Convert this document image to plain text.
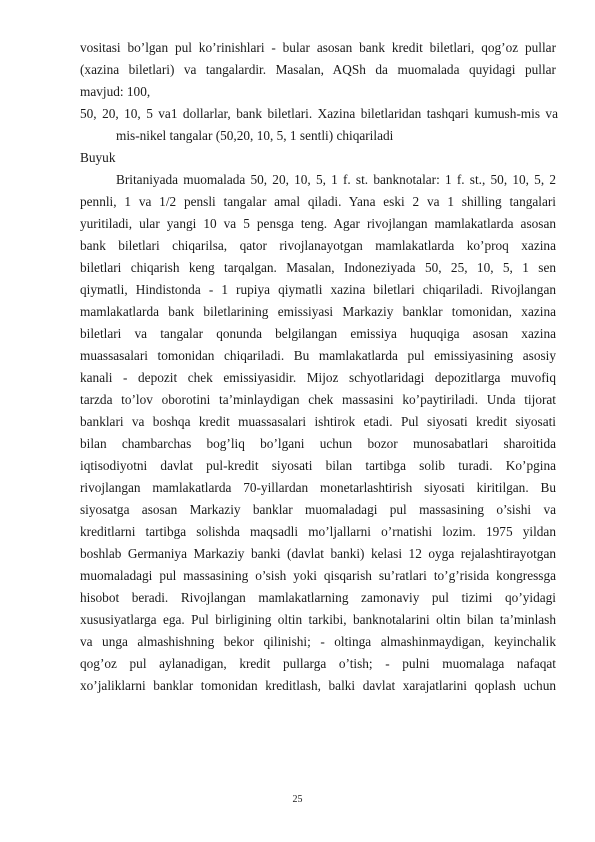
vositasi bo’lgan pul ko’rinishlari - bular asosan bank kredit biletlari, qog’oz pullar
(xazina biletlari) va tangalardir. Masalan, AQSh da muomalada quyidagi pullar
mavjud: 100,
50, 20, 10, 5 va1 dollarlar, bank biletlari. Xazina biletlaridan tashqari kumush-mis va
mis-nikel tangalar (50,20, 10, 5, 1 sentli) chiqariladi
Buyuk
Britaniyada muomalada 50, 20, 10, 5, 1 f. st. banknotalar: 1 f. st., 50, 10, 5, 2
pennli, 1 va 1/2 pensli tangalar amal qiladi. Yana eski 2 va 1 shilling tangalari
yuritiladi, ular yangi 10 va 5 pensga teng. Agar rivojlangan mamlakatlarda asosan
bank biletlari chiqarilsa, qator rivojlanayotgan mamlakatlarda ko’proq xazina
biletlari chiqarish keng tarqalgan. Masalan, Indoneziyada 50, 25, 10, 5, 1 sen
qiymatli, Hindistonda - 1 rupiya qiymatli xazina biletlari chiqariladi. Rivojlangan
mamlakatlarda bank biletlarining emissiyasi Markaziy banklar tomonidan, xazina
biletlari va tangalar qonunda belgilangan emissiya huquqiga asosan xazina
muassasalari tomonidan chiqariladi. Bu mamlakatlarda pul emissiyasining asosiy
kanali - depozit chek emissiyasidir. Mijoz schyotlaridagi depozitlarga muvofiq
tarzda to’lov oborotini ta’minlaydigan chek massasini ko’paytiriladi. Unda tijorat
banklari va boshqa kredit muassasalari ishtirok etadi. Pul siyosati kredit siyosati
bilan chambarchas bog’liq bo’lgani uchun bozor munosabatlari sharoitida
iqtisodiyotni davlat pul-kredit siyosati bilan tartibga solib turadi. Ko’pgina
rivojlangan mamlakatlarda 70-yillardan monetarlashtirish siyosati kiritilgan. Bu
siyosatga asosan Markaziy banklar muomaladagi pul massasining o’sishi va
kreditlarni tartibga solishda maqsadli mo’ljallarni o’rnatishi lozim. 1975 yildan
boshlab Germaniya Markaziy banki (davlat banki) kelasi 12 oyga rejalashtirayotgan
muomaladagi pul massasining o’sish yoki qisqarish su’ratlari to’g’risida kongressga
hisobot beradi. Rivojlangan mamlakatlarning zamonaviy pul tizimi qo’yidagi
xususiyatlarga ega. Pul birligining oltin tarkibi, banknotalarini oltin bilan ta’minlash
va unga almashishning bekor qilinishi; - oltinga almashinmaydigan, keyinchalik
qog’oz pul aylanadigan, kredit pullarga o’tish; - pulni muomalaga nafaqat
xo’jaliklarni banklar tomonidan kreditlash, balki davlat xarajatlarini qoplash uchun
25
